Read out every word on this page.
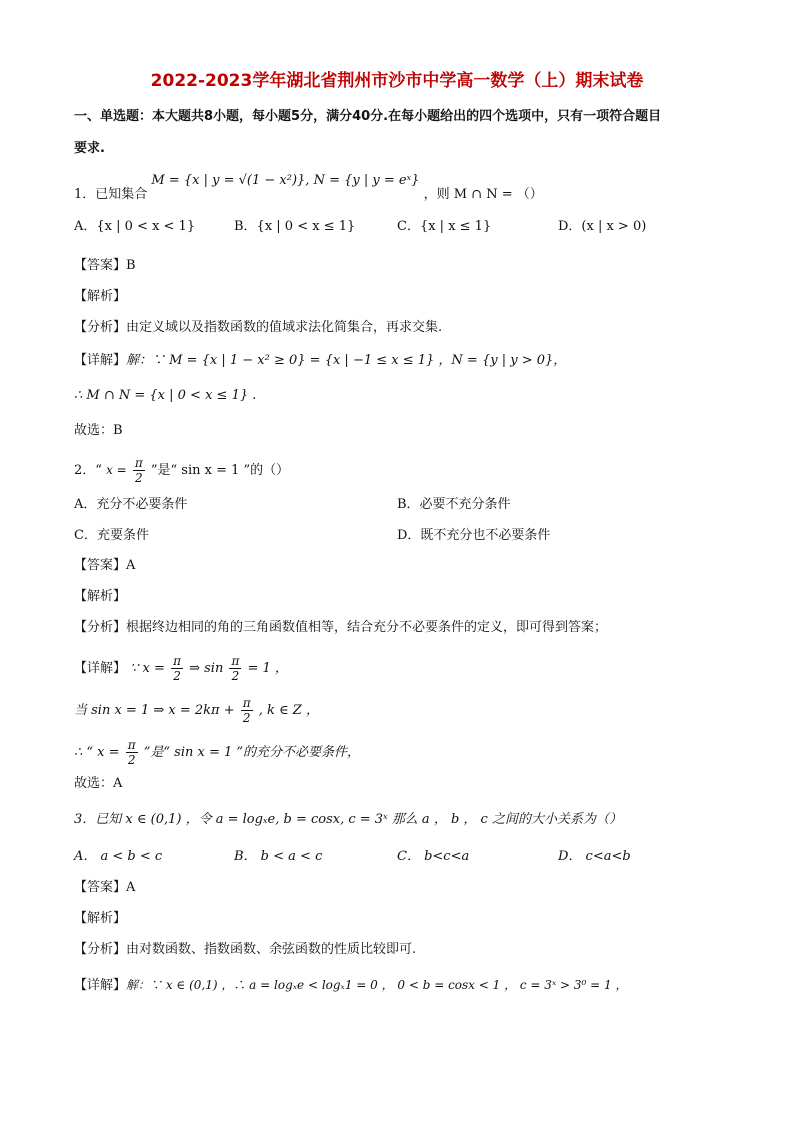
2022-2023学年湖北省荆州市沙市中学高一数学（上）期末试卷
一、单选题：本大题共8小题，每小题5分，满分40分.在每小题给出的四个选项中，只有一项符合题目
要求.
1．已知集合 M = {x | y = √(1 − x²)}, N = {y | y = eˣ} ，则 M ∩ N = （）
A．{x | 0 < x < 1}	B．{x | 0 < x ≤ 1}	C．{x | x ≤ 1}	D．(x | x > 0)
【答案】B
【解析】
【分析】由定义域以及指数函数的值域求法化简集合，再求交集.
【详解】解：∵ M = {x | 1 − x² ≥ 0} = {x | −1 ≤ x ≤ 1} ，N = {y | y > 0}，
∴ M ∩ N = {x | 0 < x ≤ 1} .
故选：B
2．“ $x = \frac{\pi}{2}$ ”是“ sin x = 1 ”的（）
A．充分不必要条件	B．必要不充分条件
C．充要条件	D．既不充分也不必要条件
【答案】A
【解析】
【分析】根据终边相同的角的三角函数值相等，结合充分不必要条件的定义，即可得到答案；
【详解】 ∵ $x = \frac{\pi}{2}$ ⇒ $\sin \frac{\pi}{2} = 1$ ，
当 sin x = 1 ⇒ $x = 2k\pi + \frac{\pi}{2}$ , k ∈ Z ，
∴ “ $x = \frac{\pi}{2}$ ”是“ sin x = 1 ”的充分不必要条件，
故选：A
3．已知 x ∈ (0,1) ，令 a = logₓe, b = cosx, c = 3ˣ 那么 a ， b ， c 之间的大小关系为（）
A． a < b < c	B． b < a < c	C． b<c<a	D． c<a<b
【答案】A
【解析】
【分析】由对数函数、指数函数、余弦函数的性质比较即可.
【详解】解：∵ x ∈ (0,1) ，∴ a = logₓe < logₓ1 = 0 ， 0 < b = cosx < 1 ， c = 3ˣ > 3⁰ = 1 ，
